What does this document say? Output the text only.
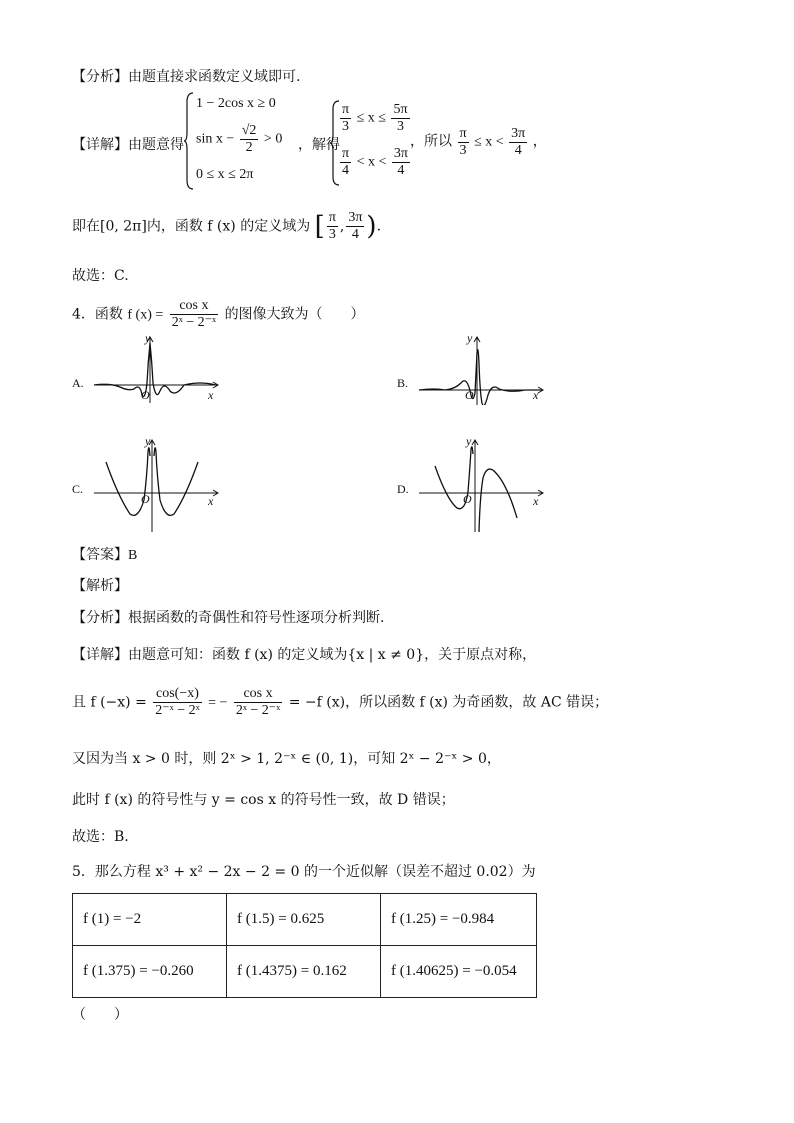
【分析】由题直接求函数定义域即可.
【详解】由题意得
1 − 2cos x ≥ 0
$\sin x - \frac{√2}{2} > 0$
0 ≤ x ≤ 2π
，解得
$\frac{\pi}{3} \le x \le \frac{5\pi}{3}$
$\frac{\pi}{4} < x < \frac{3\pi}{4}$
，所以 $\frac{\pi}{3} \le x < \frac{3\pi}{4}$ ，
即在[0, 2π]内，函数 f (x) 的定义域为 [ $\frac{\pi}{3}$ , $\frac{3\pi}{4}$ ).
故选：C.
4．函数 f $(x) = \frac{\text{cos x}}{\text{2ˣ − 2⁻ˣ}}$ 的图像大致为（　　）
A.
y
x
O
B.
y
x
O
C.
y
x
O
D.
y
x
O
【答案】B
【解析】
【分析】根据函数的奇偶性和符号性逐项分析判断.
【详解】由题意可知：函数 f (x) 的定义域为{x | x ≠ 0}，关于原点对称，
且 f $(-x) = \frac{\cos(-x)}{\text{2⁻ˣ − 2ˣ}}$ = − $\frac{\text{cos x}}{\text{2ˣ − 2⁻ˣ}} = -f$ (x)，所以函数 f (x) 为奇函数，故 AC 错误；
又因为当 x > 0 时，则 2ˣ > 1, 2⁻ˣ ∈ (0, 1)，可知 2ˣ − 2⁻ˣ > 0，
此时 f (x) 的符号性与 y = cos x 的符号性一致，故 D 错误；
故选：B.
5．那么方程 x³ + x² − 2x − 2 = 0 的一个近似解（误差不超过 0.02）为
f (1) = −2	f (1.5) = 0.625	f (1.25) = −0.984
f (1.375) = −0.260	f (1.4375) = 0.162	f (1.40625) = −0.054
（　　）
